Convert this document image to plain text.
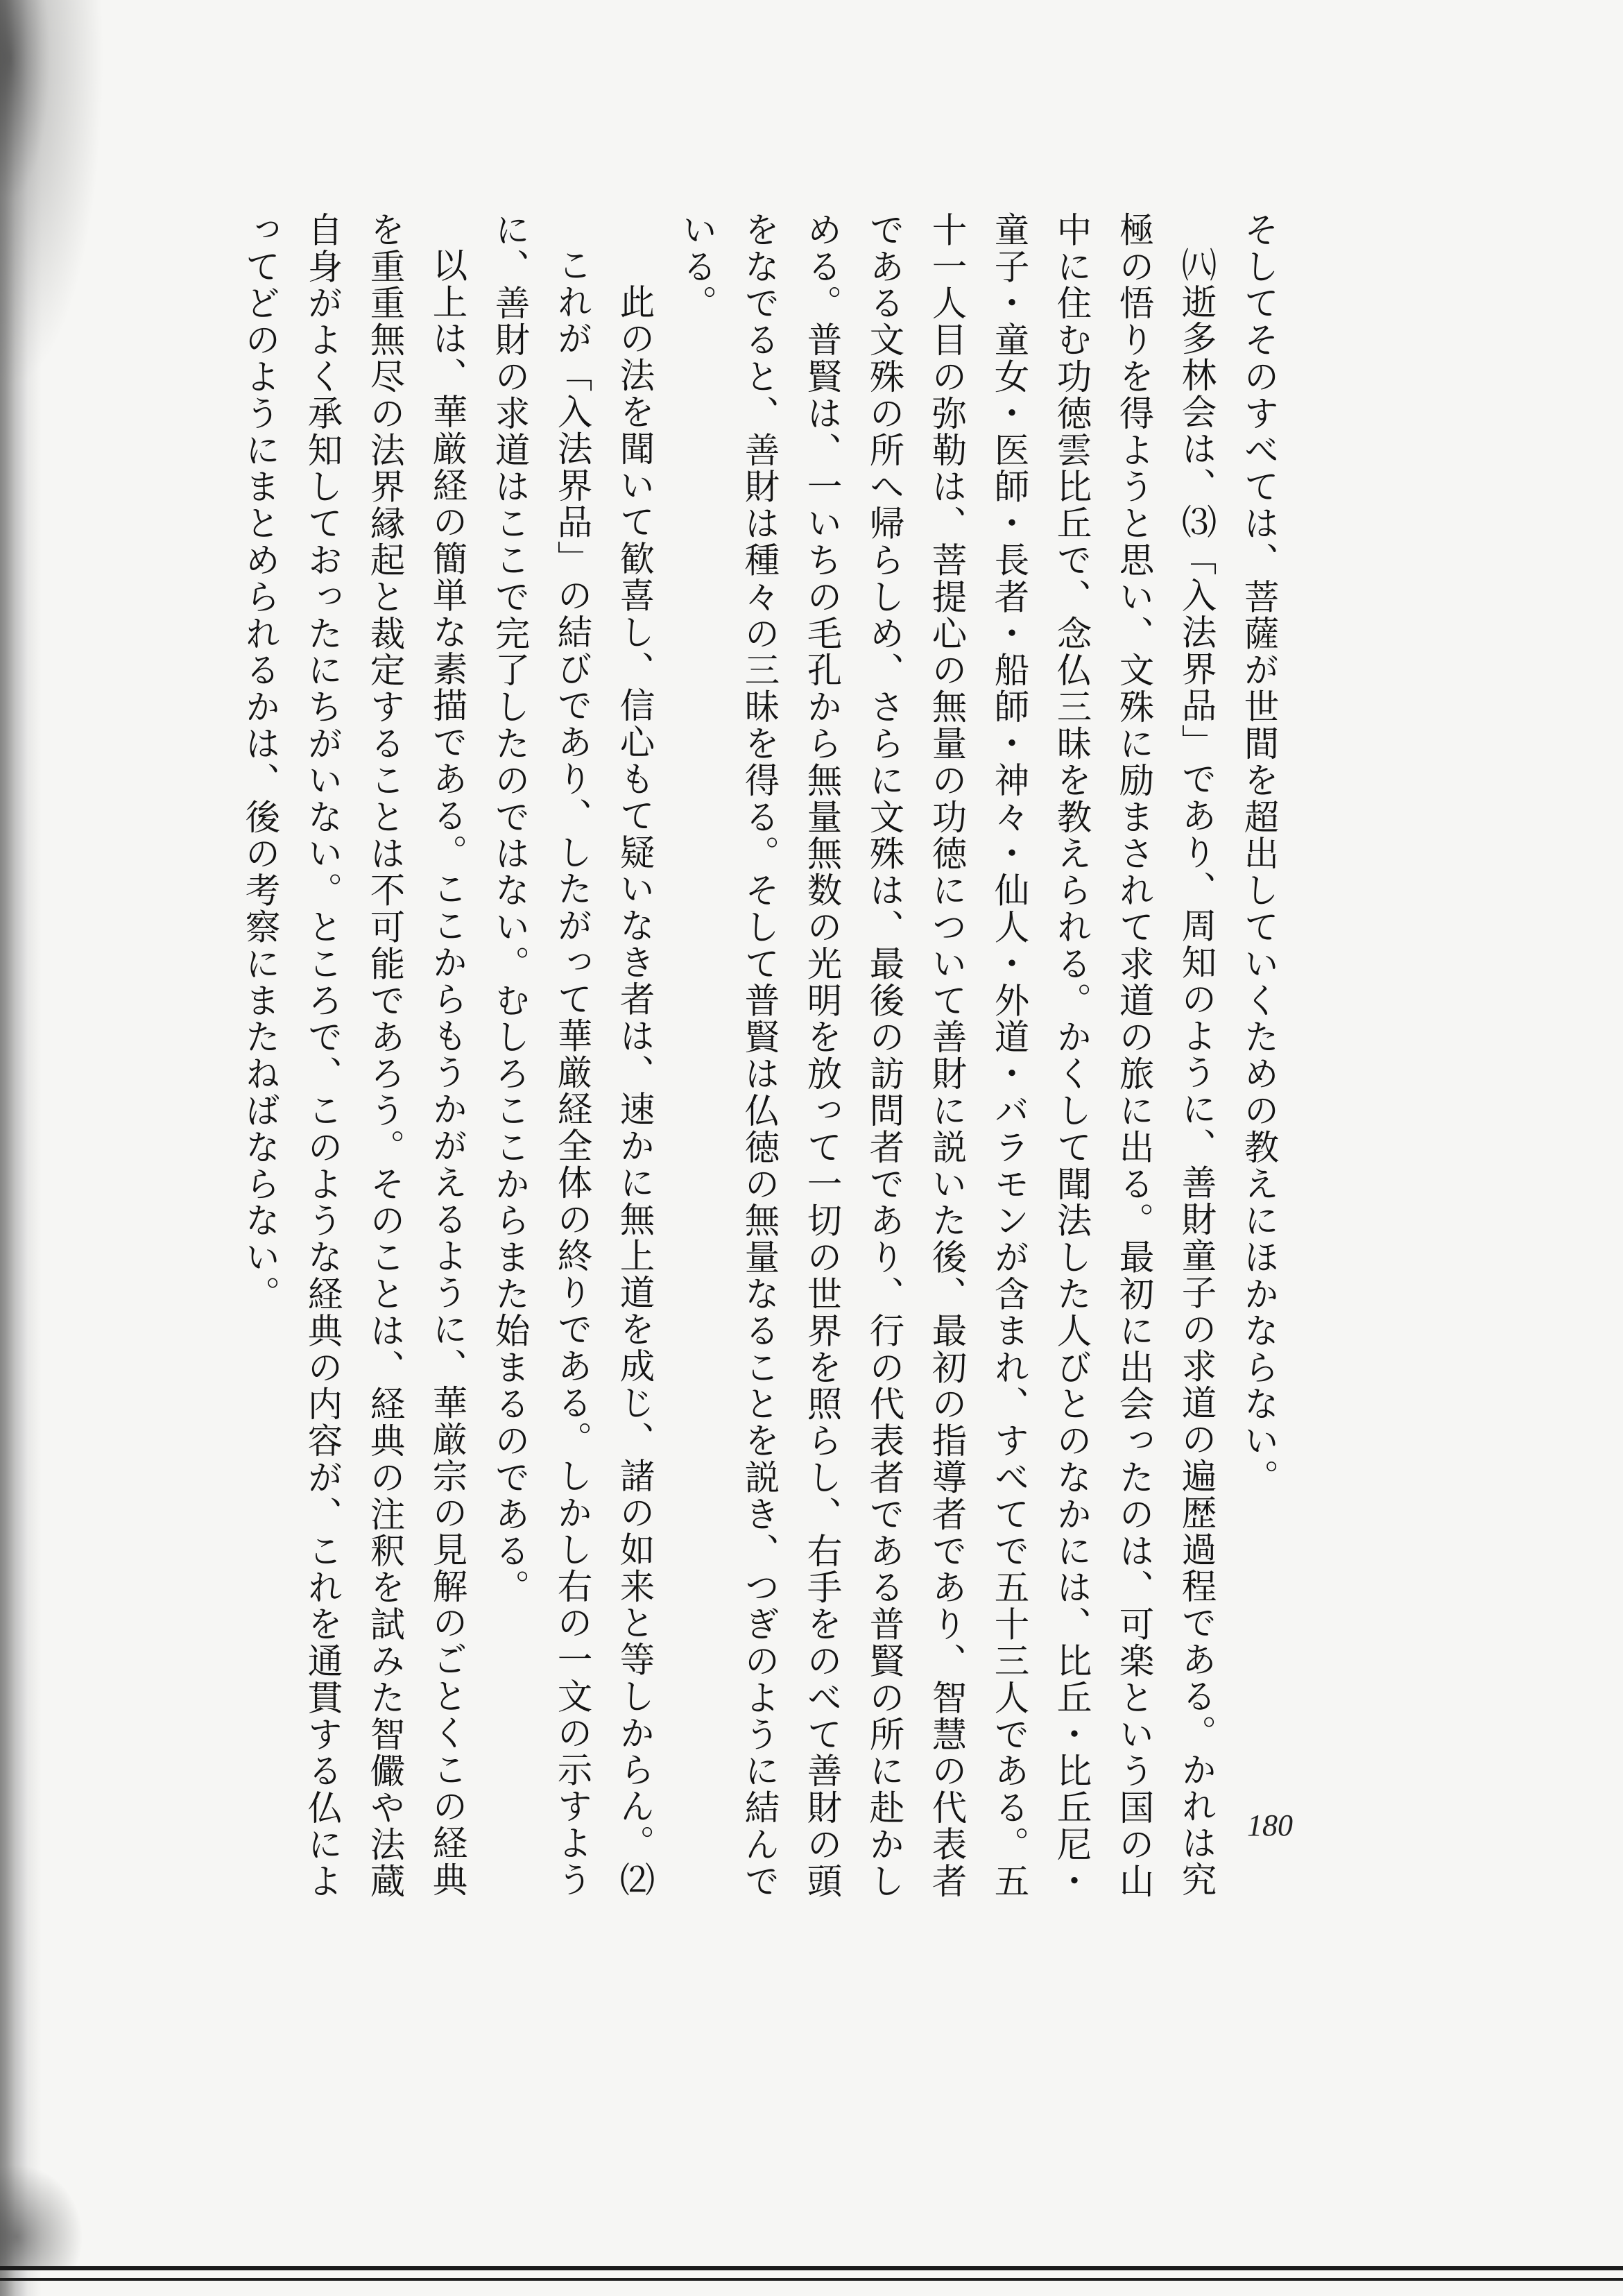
そしてそのすべては、菩薩が世間を超出していくための教えにほかならない。

㈧逝多林会は、⑶「入法界品」であり、周知のように、善財童子の求道の遍歴過程である。かれは究極の悟りを得ようと思い、文殊に励まされて求道の旅に出る。最初に出会ったのは、可楽という国の山中に住む功徳雲比丘で、念仏三昧を教えられる。かくして聞法した人びとのなかには、比丘・比丘尼・童子・童女・医師・長者・船師・神々・仙人・外道・バラモンが含まれ、すべてで五十三人である。五十一人目の弥勒は、菩提心の無量の功徳について善財に説いた後、最初の指導者であり、智慧の代表者である文殊の所へ帰らしめ、さらに文殊は、最後の訪問者であり、行の代表者である普賢の所に赴かしめる。普賢は、一いちの毛孔から無量無数の光明を放って一切の世界を照らし、右手をのべて善財の頭をなでると、善財は種々の三昧を得る。そして普賢は仏徳の無量なることを説き、つぎのように結んでいる。

　此の法を聞いて歓喜し、信心もて疑いなき者は、速かに無上道を成じ、諸の如来と等しからん。⑵

これが「入法界品」の結びであり、したがって華厳経全体の終りである。しかし右の一文の示すように、善財の求道はここで完了したのではない。むしろここからまた始まるのである。

以上は、華厳経の簡単な素描である。ここからもうかがえるように、華厳宗の見解のごとくこの経典を重重無尽の法界縁起と裁定することは不可能であろう。そのことは、経典の注釈を試みた智儼や法蔵自身がよく承知しておったにちがいない。ところで、このような経典の内容が、これを通貫する仏によってどのようにまとめられるかは、後の考察にまたねばならない。

180
